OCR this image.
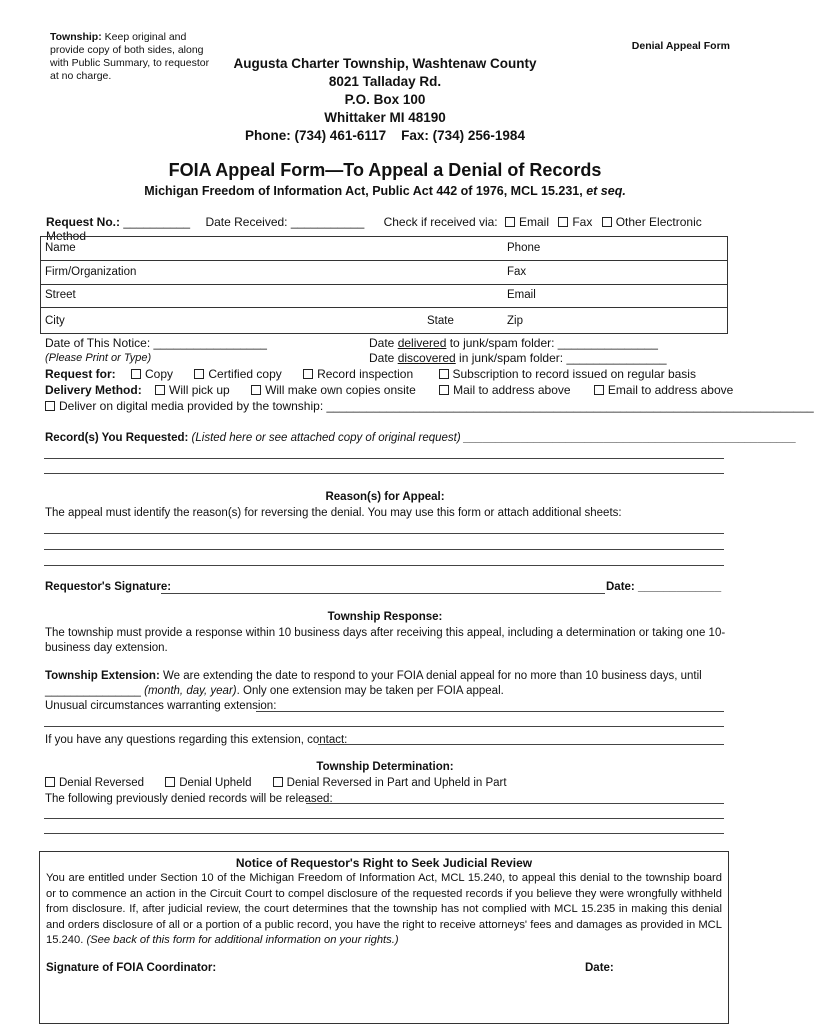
Township: Keep original and
provide copy of both sides, along
with Public Summary, to requestor
at no charge.
Denial Appeal Form
Augusta Charter Township, Washtenaw County
8021 Talladay Rd.
P.O. Box 100
Whittaker MI 48190
Phone: (734) 461-6117    Fax: (734) 256-1984
FOIA Appeal Form—To Appeal a Denial of Records
Michigan Freedom of Information Act, Public Act 442 of 1976, MCL 15.231, et seq.
Request No.: __________ Date Received: ___________ Check if received via: Email Fax Other Electronic Method
Name	Phone
Firm/Organization	Fax
Street	Email
City	State	Zip
Date of This Notice: _________________
(Please Print or Type)
Date delivered to junk/spam folder: _______________
Date discovered in junk/spam folder: _______________
Request for: Copy	Certified copy	Record inspection	Subscription to record issued on regular basis
Delivery Method: Will pick up	Will make own copies onsite	Mail to address above	Email to address above
Deliver on digital media provided by the township: _________________________________________________________________________
Record(s) You Requested: (Listed here or see attached copy of original request) ____________________________________________________
Reason(s) for Appeal:
The appeal must identify the reason(s) for reversing the denial. You may use this form or attach additional sheets:
Requestor's Signature:	Date: _____________
Township Response:
The township must provide a response within 10 business days after receiving this appeal, including a determination or taking one 10-business day extension.
Township Extension: We are extending the date to respond to your FOIA denial appeal for no more than 10 business days, until
_______________ (month, day, year). Only one extension may be taken per FOIA appeal.
Unusual circumstances warranting extension:
If you have any questions regarding this extension, contact:
Township Determination:
Denial Reversed	Denial Upheld	Denial Reversed in Part and Upheld in Part
The following previously denied records will be released:
Notice of Requestor's Right to Seek Judicial Review
You are entitled under Section 10 of the Michigan Freedom of Information Act, MCL 15.240, to appeal this denial to the township board or to commence an action in the Circuit Court to compel disclosure of the requested records if you believe they were wrongfully withheld from disclosure. If, after judicial review, the court determines that the township has not complied with MCL 15.235 in making this denial and orders disclosure of all or a portion of a public record, you have the right to receive attorneys' fees and damages as provided in MCL 15.240. (See back of this form for additional information on your rights.)
Signature of FOIA Coordinator:	Date:
